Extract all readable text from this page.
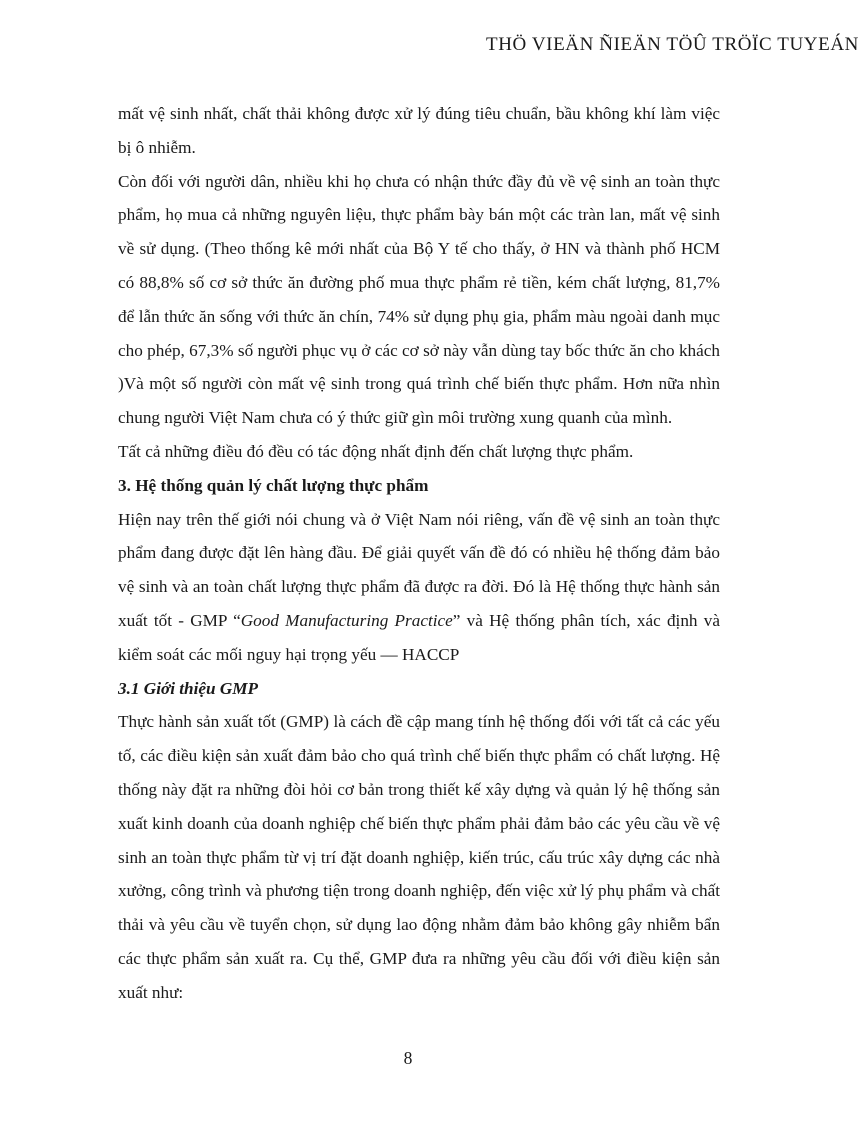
THÖ VIEÄN ÑIEÄN TÖÛ TRÖÏC TUYEÁN

mất vệ sinh nhất, chất thải không được xử lý đúng tiêu chuẩn, bầu không khí làm việc bị ô nhiễm.

Còn đối với người dân, nhiều khi họ chưa có nhận thức đầy đủ về vệ sinh an toàn thực phẩm, họ mua cả những nguyên liệu, thực phẩm bày bán một các tràn lan, mất vệ sinh về sử dụng. (Theo thống kê mới nhất của Bộ Y tế cho thấy, ở HN và thành phố HCM có 88,8% số cơ sở thức ăn đường phố mua thực phẩm rẻ tiền, kém chất lượng, 81,7% để lẫn thức ăn sống với thức ăn chín, 74% sử dụng phụ gia, phẩm màu ngoài danh mục cho phép, 67,3% số người phục vụ ở các cơ sở này vẫn dùng tay bốc thức ăn cho khách )Và một số người còn mất vệ sinh trong quá trình chế biến thực phẩm. Hơn nữa nhìn chung người Việt Nam chưa có ý thức giữ gìn môi trường xung quanh của mình.

Tất cả những điều đó đều có tác động nhất định đến chất lượng thực phẩm.

3. Hệ thống quản lý chất lượng thực phẩm

Hiện nay trên thế giới nói chung và ở Việt Nam nói riêng, vấn đề vệ sinh an toàn thực phẩm đang được đặt lên hàng đầu. Để giải quyết vấn đề đó có nhiều hệ thống đảm bảo vệ sinh và an toàn chất lượng thực phẩm đã được ra đời. Đó là Hệ thống thực hành sản xuất tốt - GMP “Good Manufacturing Practice” và Hệ thống phân tích, xác định và kiểm soát các mối nguy hại trọng yếu — HACCP

3.1 Giới thiệu GMP

Thực hành sản xuất tốt (GMP) là cách đề cập mang tính hệ thống đối với tất cả các yếu tố, các điều kiện sản xuất đảm bảo cho quá trình chế biến thực phẩm có chất lượng. Hệ thống này đặt ra những đòi hỏi cơ bản trong thiết kế xây dựng và quản lý hệ thống sản xuất kinh doanh của doanh nghiệp chế biến thực phẩm phải đảm bảo các yêu cầu về vệ sinh an toàn thực phẩm từ vị trí đặt doanh nghiệp, kiến trúc, cấu trúc xây dựng các nhà xưởng, công trình và phương tiện trong doanh nghiệp, đến việc xử lý phụ phẩm và chất thải và yêu cầu về tuyển chọn, sử dụng lao động nhằm đảm bảo không gây nhiễm bẩn các thực phẩm sản xuất ra. Cụ thể, GMP đưa ra những yêu cầu đối với điều kiện sản xuất như:

8
